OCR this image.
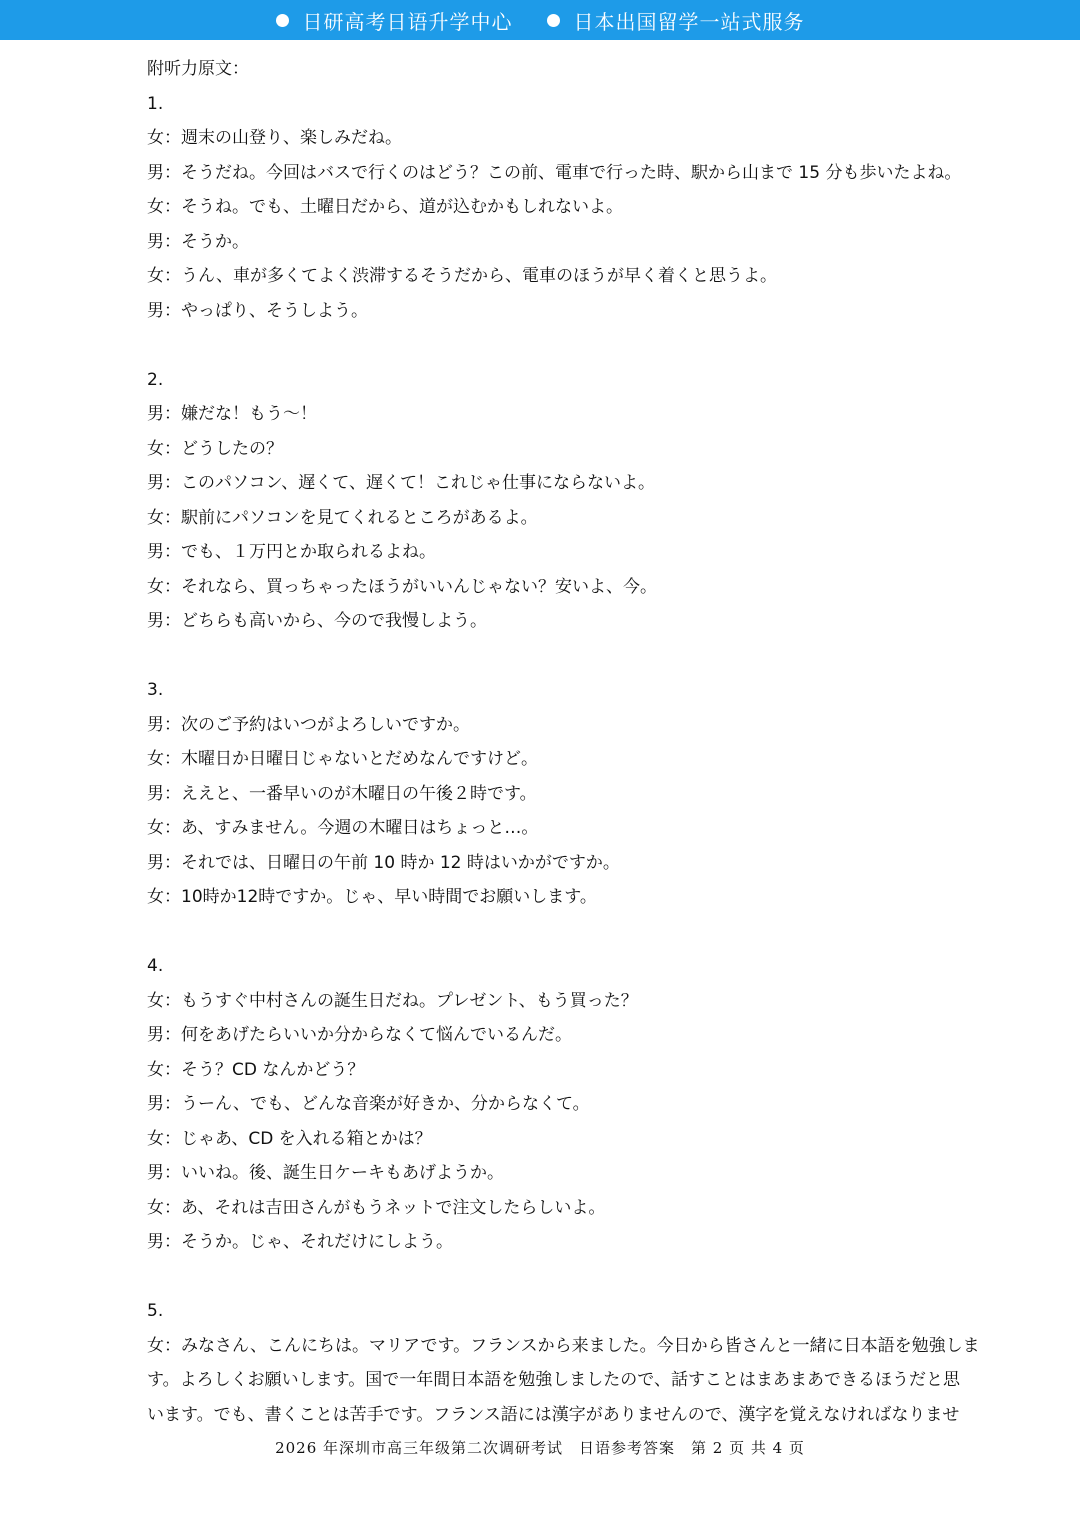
日研高考日语升学中心	日本出国留学一站式服务
附听力原文：
1.
女：週末の山登り、楽しみだね。
男：そうだね。今回はバスで行くのはどう？この前、電車で行った時、駅から山まで 15 分も歩いたよね。
女：そうね。でも、土曜日だから、道が込むかもしれないよ。
男：そうか。
女：うん、車が多くてよく渋滞するそうだから、電車のほうが早く着くと思うよ。
男：やっぱり、そうしよう。
2.
男：嫌だな！もう～！
女：どうしたの？
男：このパソコン、遅くて、遅くて！これじゃ仕事にならないよ。
女：駅前にパソコンを見てくれるところがあるよ。
男：でも、１万円とか取られるよね。
女：それなら、買っちゃったほうがいいんじゃない？安いよ、今。
男：どちらも高いから、今ので我慢しよう。
3.
男：次のご予約はいつがよろしいですか。
女：木曜日か日曜日じゃないとだめなんですけど。
男：ええと、一番早いのが木曜日の午後２時です。
女：あ、すみません。今週の木曜日はちょっと…。
男：それでは、日曜日の午前 10 時か 12 時はいかがですか。
女：10時か12時ですか。じゃ、早い時間でお願いします。
4.
女：もうすぐ中村さんの誕生日だね。プレゼント、もう買った？
男：何をあげたらいいか分からなくて悩んでいるんだ。
女：そう？CD なんかどう？
男：うーん、でも、どんな音楽が好きか、分からなくて。
女：じゃあ、CD を入れる箱とかは？
男：いいね。後、誕生日ケーキもあげようか。
女：あ、それは吉田さんがもうネットで注文したらしいよ。
男：そうか。じゃ、それだけにしよう。
5.
女：みなさん、こんにちは。マリアです。フランスから来ました。今日から皆さんと一緒に日本語を勉強しま
す。よろしくお願いします。国で一年間日本語を勉強しましたので、話すことはまあまあできるほうだと思
います。でも、書くことは苦手です。フランス語には漢字がありませんので、漢字を覚えなければなりませ
2026 年深圳市高三年级第二次调研考试　日语参考答案　第 2 页 共 4 页
